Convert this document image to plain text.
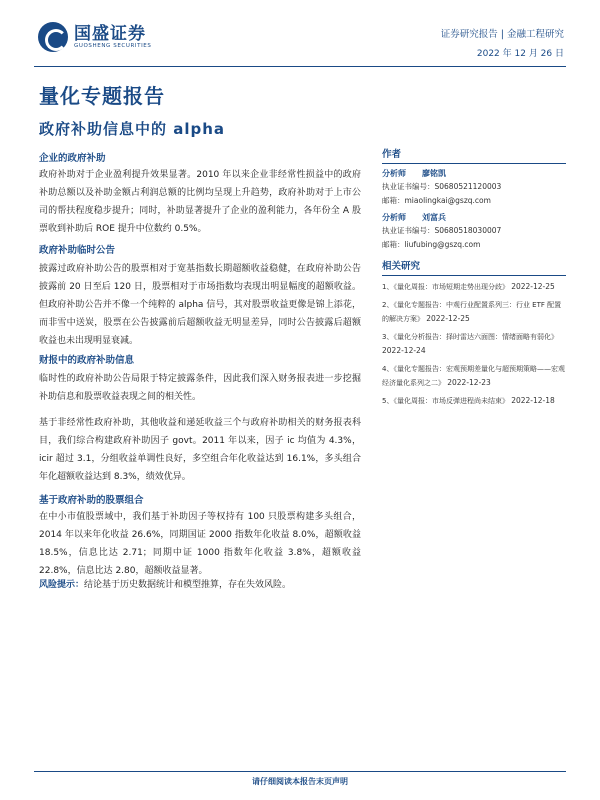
国盛证券
GUOSHENG SECURITIES
证券研究报告 | 金融工程研究
2022 年 12 月 26 日
量化专题报告
政府补助信息中的 alpha
企业的政府补助
政府补助对于企业盈利提升效果显著。2010 年以来企业非经常性损益中的政府补助总额以及补助金额占利润总额的比例均呈现上升趋势，政府补助对于上市公司的帮扶程度稳步提升；同时，补助显著提升了企业的盈利能力，各年份全 A 股票收到补助后 ROE 提升中位数约 0.5%。
政府补助临时公告
披露过政府补助公告的股票相对于宽基指数长期超额收益稳健，在政府补助公告披露前 20 日至后 120 日，股票相对于市场指数均表现出明显幅度的超额收益。但政府补助公告并不像一个纯粹的 alpha 信号，其对股票收益更像是锦上添花，而非雪中送炭，股票在公告披露前后超额收益无明显差异，同时公告披露后超额收益也未出现明显衰减。
财报中的政府补助信息
临时性的政府补助公告局限于特定披露条件，因此我们深入财务报表进一步挖掘补助信息和股票收益表现之间的相关性。
基于非经常性政府补助，其他收益和递延收益三个与政府补助相关的财务报表科目，我们综合构建政府补助因子 govt。2011 年以来，因子 ic 均值为 4.3%，icir 超过 3.1，分组收益单调性良好，多空组合年化收益达到 16.1%，多头组合年化超额收益达到 8.3%，绩效优异。
基于政府补助的股票组合
在中小市值股票域中，我们基于补助因子等权持有 100 只股票构建多头组合，2014 年以来年化收益 26.6%，同期国证 2000 指数年化收益 8.0%，超额收益 18.5%，信息比达 2.71；同期中证 1000 指数年化收益 3.8%，超额收益 22.8%，信息比达 2.80，超额收益显著。
风险提示：结论基于历史数据统计和模型推算，存在失效风险。
作者
分析师	廖铭凯
执业证书编号：S0680521120003
邮箱：miaolingkai@gszq.com
分析师	刘富兵
执业证书编号：S0680518030007
邮箱：liufubing@gszq.com
相关研究
1、《量化周报：市场短期走势出现分歧》 2022-12-25
2、《量化专题报告：中观行业配置系列三：行业 ETF 配置的解决方案》 2022-12-25
3、《量化分析报告：择时雷达六面图：情绪面略有弱化》
2022-12-24
4、《量化专题报告：宏观预期差量化与超预期策略——宏观经济量化系列之二》 2022-12-23
5、《量化周报：市场反弹进程尚未结束》 2022-12-18
请仔细阅读本报告末页声明
